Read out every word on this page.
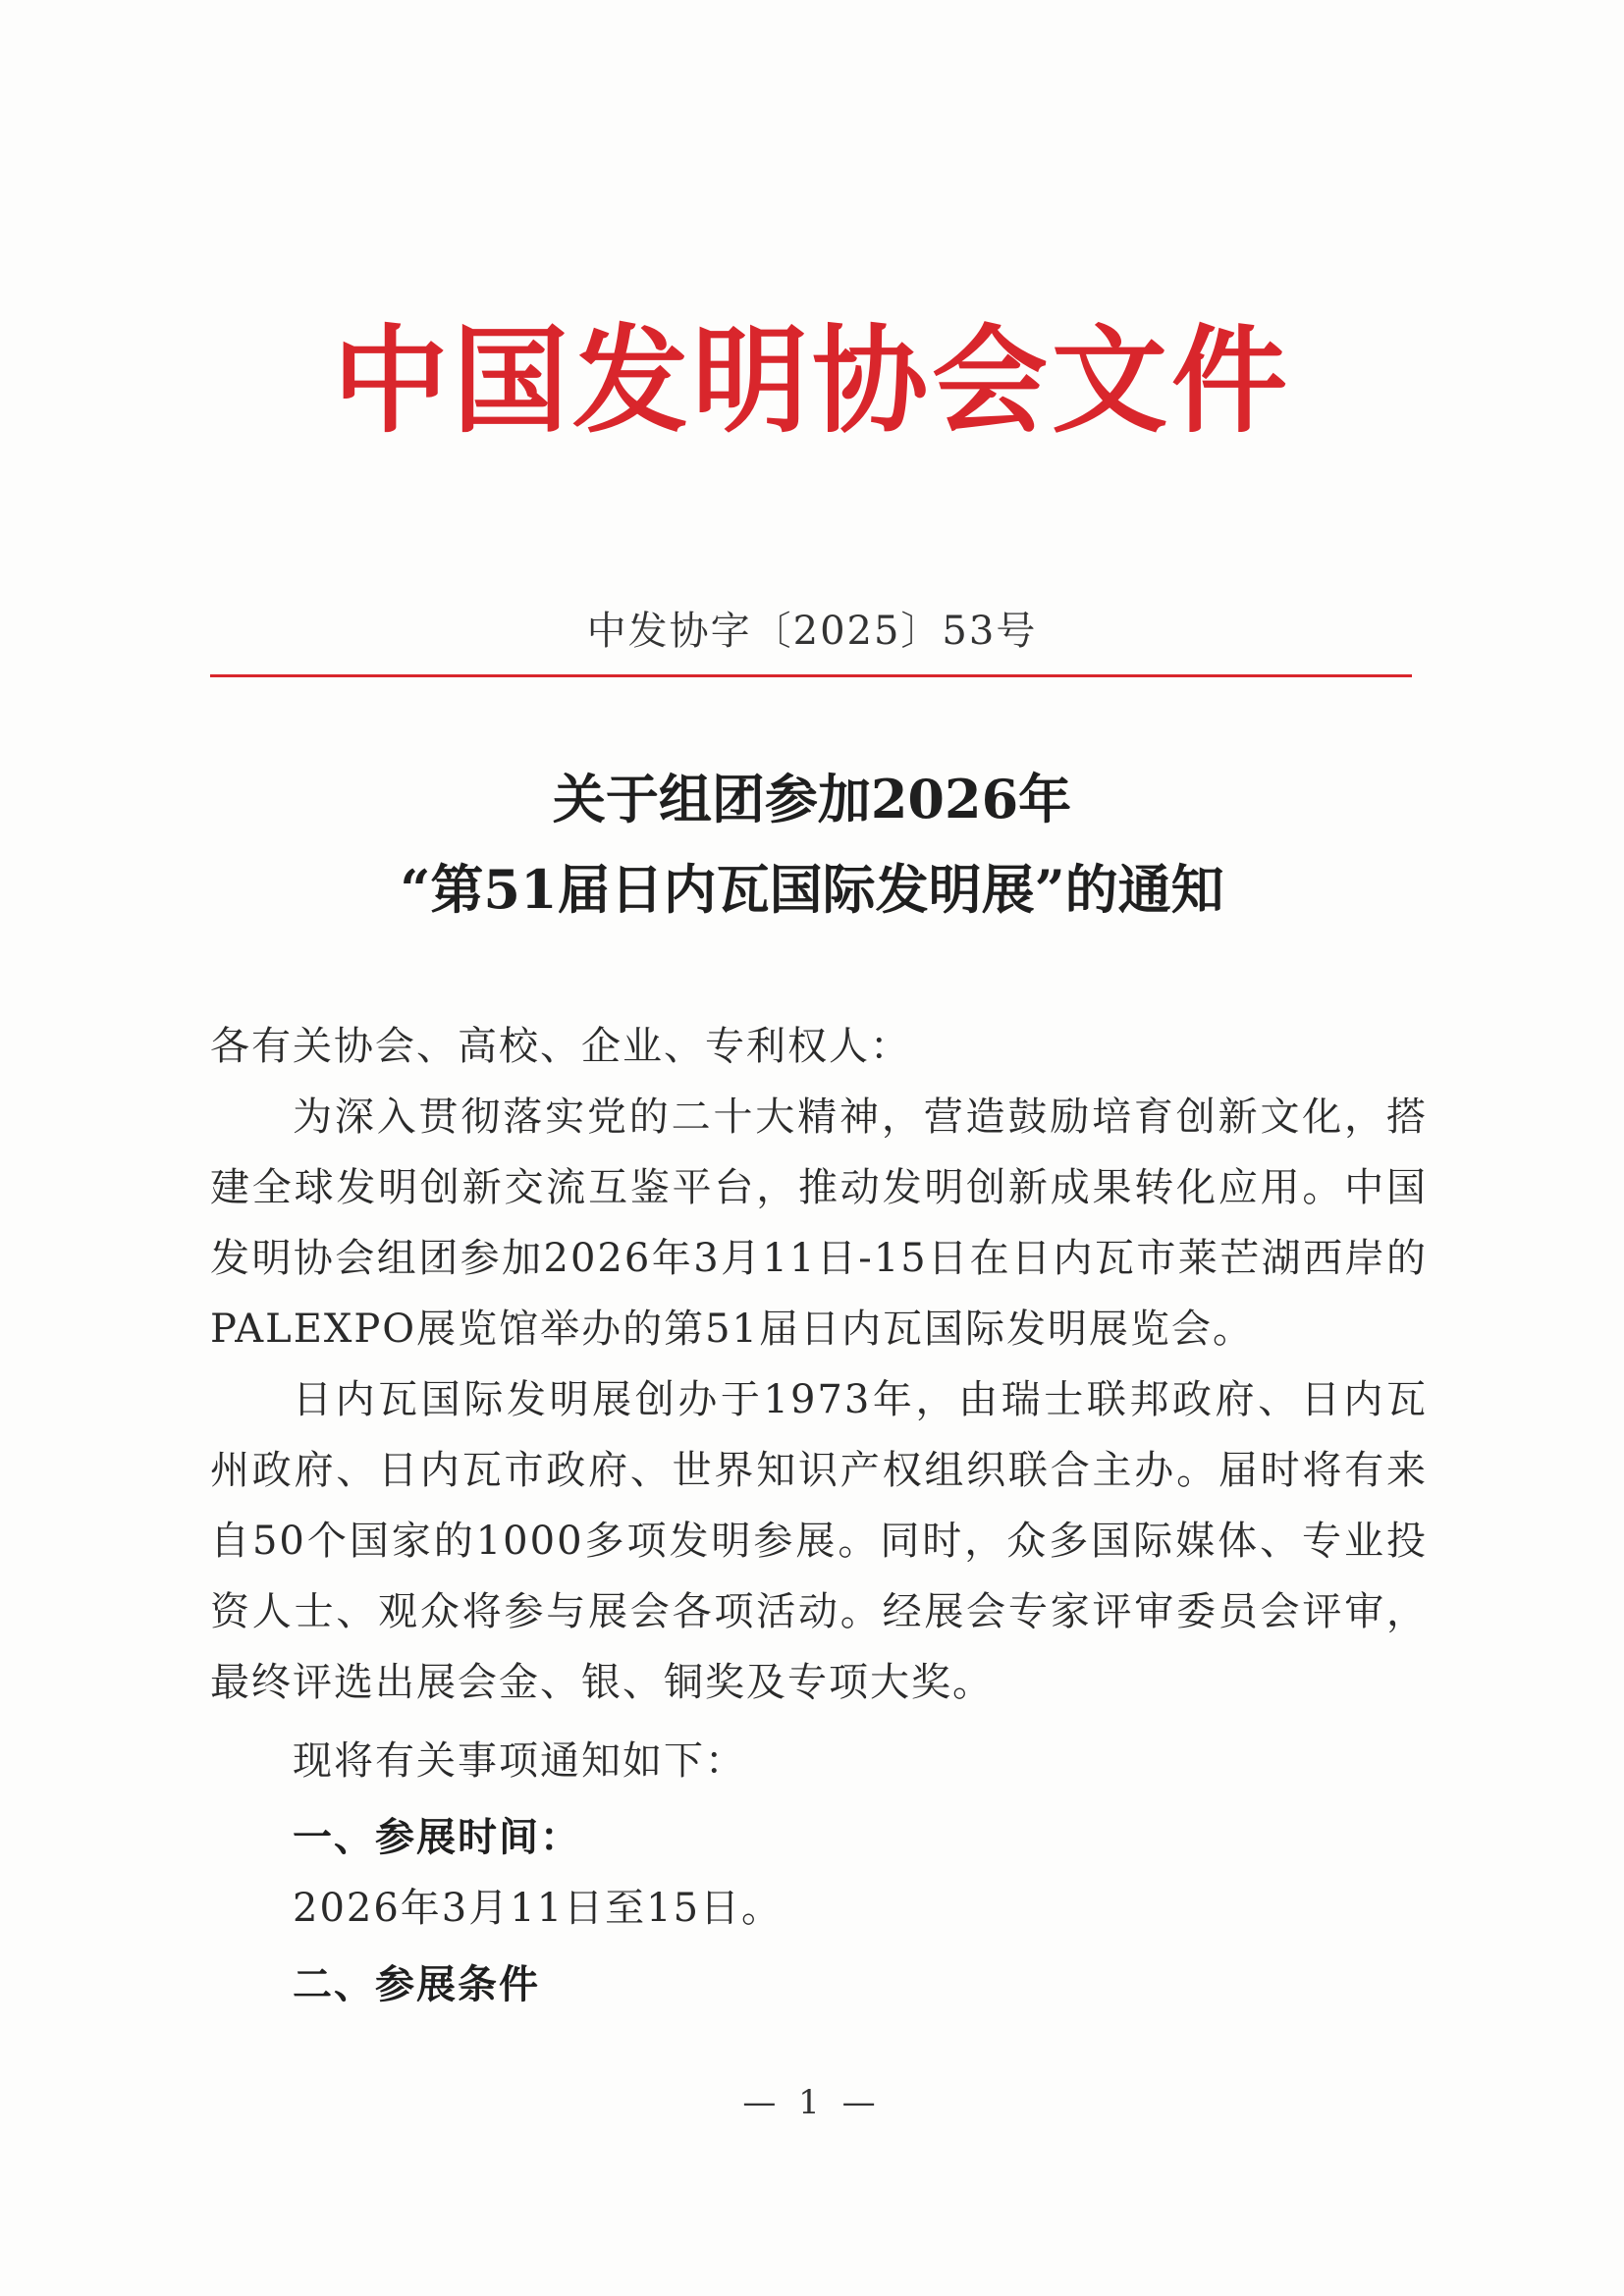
中国发明协会文件
中发协字〔2025〕53号
关于组团参加2026年
“第51届日内瓦国际发明展”的通知

各有关协会、高校、企业、专利权人：

为深入贯彻落实党的二十大精神，营造鼓励培育创新文化，搭建全球发明创新交流互鉴平台，推动发明创新成果转化应用。中国发明协会组团参加2026年3月11日-15日在日内瓦市莱芒湖西岸的PALEXPO展览馆举办的第51届日内瓦国际发明展览会。

日内瓦国际发明展创办于1973年，由瑞士联邦政府、日内瓦州政府、日内瓦市政府、世界知识产权组织联合主办。届时将有来自50个国家的1000多项发明参展。同时，众多国际媒体、专业投资人士、观众将参与展会各项活动。经展会专家评审委员会评审，最终评选出展会金、银、铜奖及专项大奖。

现将有关事项通知如下：

一、参展时间：

2026年3月11日至15日。

二、参展条件

— 1 —
